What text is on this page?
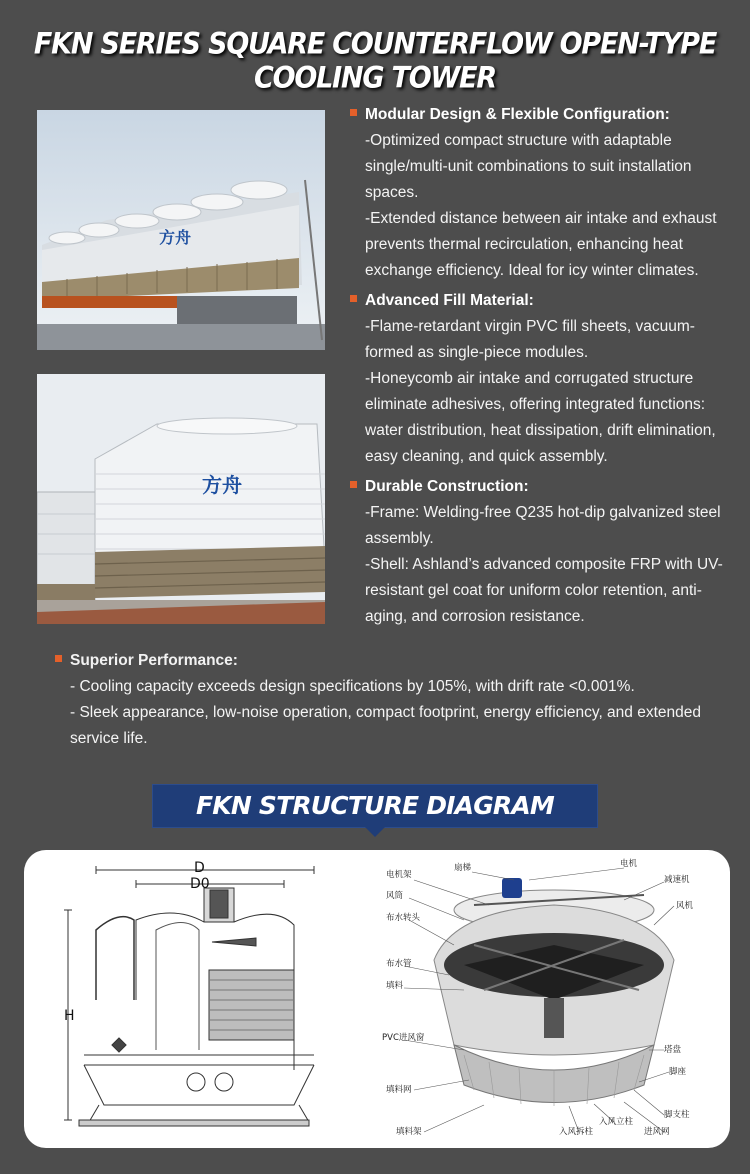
FKN SERIES SQUARE COUNTERFLOW OPEN-TYPE COOLING TOWER
方舟
方舟
Modular Design & Flexible Configuration:

-Optimized compact structure with adaptable single/multi-unit combinations to suit installation spaces.

-Extended distance between air intake and exhaust prevents thermal recirculation, enhancing heat exchange efficiency. Ideal for icy winter climates.

Advanced Fill Material:

-Flame-retardant virgin PVC fill sheets, vacuum-formed as single-piece modules.

-Honeycomb air intake and corrugated structure eliminate adhesives, offering integrated functions: water distribution, heat dissipation, drift elimination, easy cleaning, and quick assembly.

Durable Construction:

-Frame: Welding-free Q235 hot-dip galvanized steel assembly.

-Shell: Ashland’s advanced composite FRP with UV-resistant gel coat for uniform color retention, anti-aging, and corrosion resistance.

Superior Performance:

- Cooling capacity exceeds design specifications by 105%, with drift rate <0.001%.

- Sleek appearance, low-noise operation, compact footprint, energy efficiency, and extended service life.

FKN STRUCTURE DIAGRAM
D
D0
H
电机架
风筒
布水转头
布水管
填料
PVC进风窗
填料网
填料架
扇梯	电机
减速机
风机
塔盘
脚座
脚支柱
进风网
入风拆柱
入风立柱
